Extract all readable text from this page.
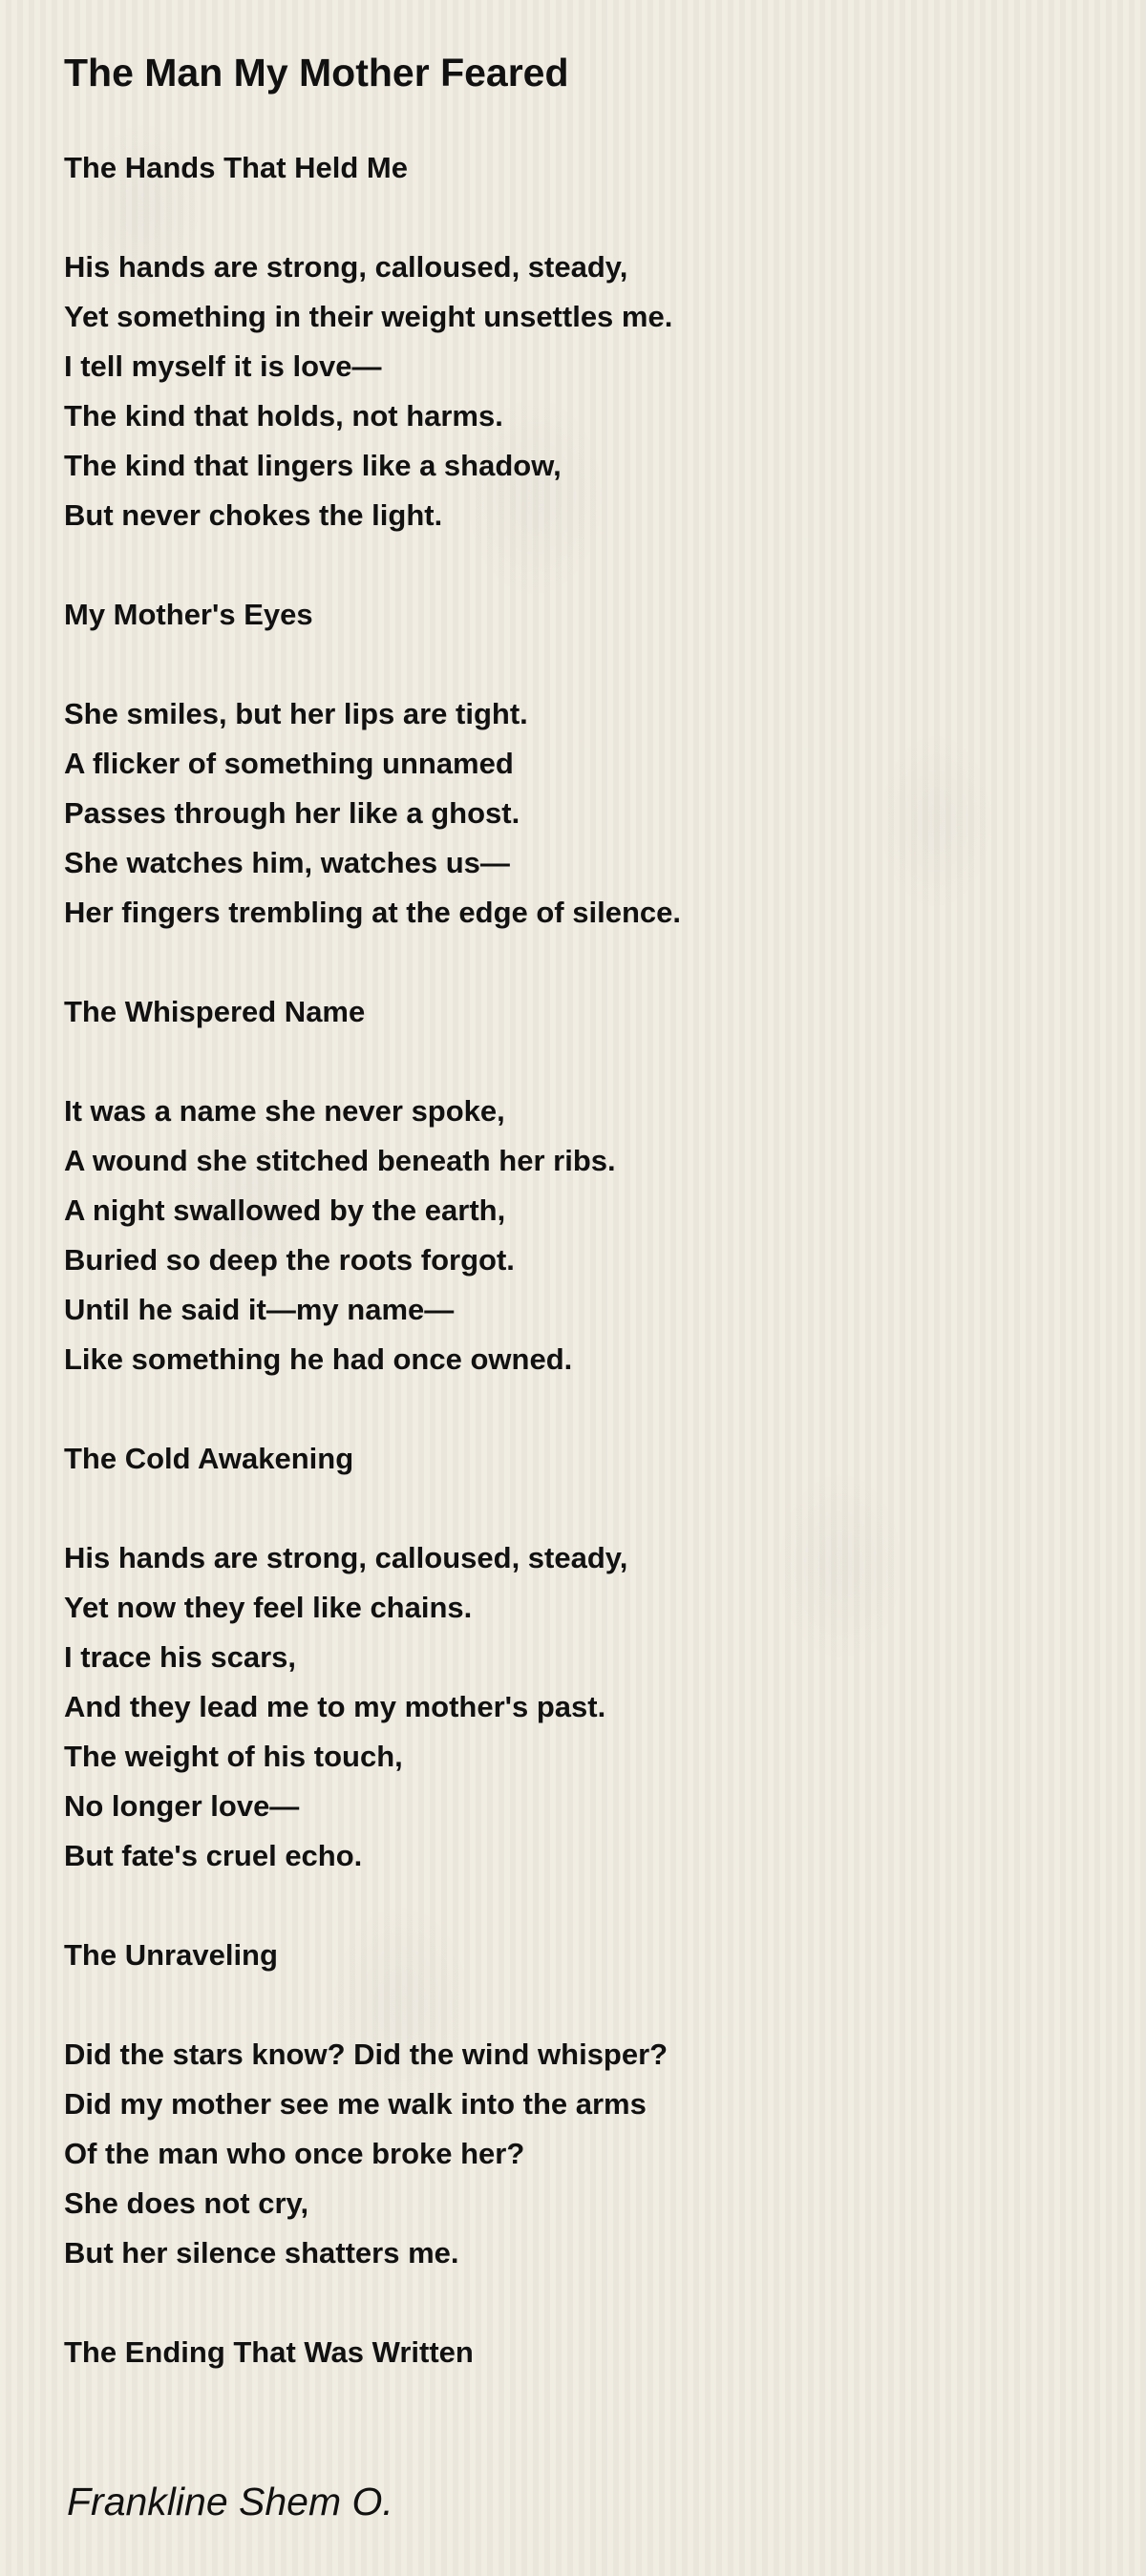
The Man My Mother Feared
The Hands That Held Me
His hands are strong, calloused, steady,
Yet something in their weight unsettles me.
I tell myself it is love—
The kind that holds, not harms.
The kind that lingers like a shadow,
But never chokes the light.
My Mother's Eyes
She smiles, but her lips are tight.
A flicker of something unnamed
Passes through her like a ghost.
She watches him, watches us—
Her fingers trembling at the edge of silence.
The Whispered Name
It was a name she never spoke,
A wound she stitched beneath her ribs.
A night swallowed by the earth,
Buried so deep the roots forgot.
Until he said it—my name—
Like something he had once owned.
The Cold Awakening
His hands are strong, calloused, steady,
Yet now they feel like chains.
I trace his scars,
And they lead me to my mother's past.
The weight of his touch,
No longer love—
But fate's cruel echo.
The Unraveling
Did the stars know? Did the wind whisper?
Did my mother see me walk into the arms
Of the man who once broke her?
She does not cry,
But her silence shatters me.
The Ending That Was Written
Frankline Shem O.
